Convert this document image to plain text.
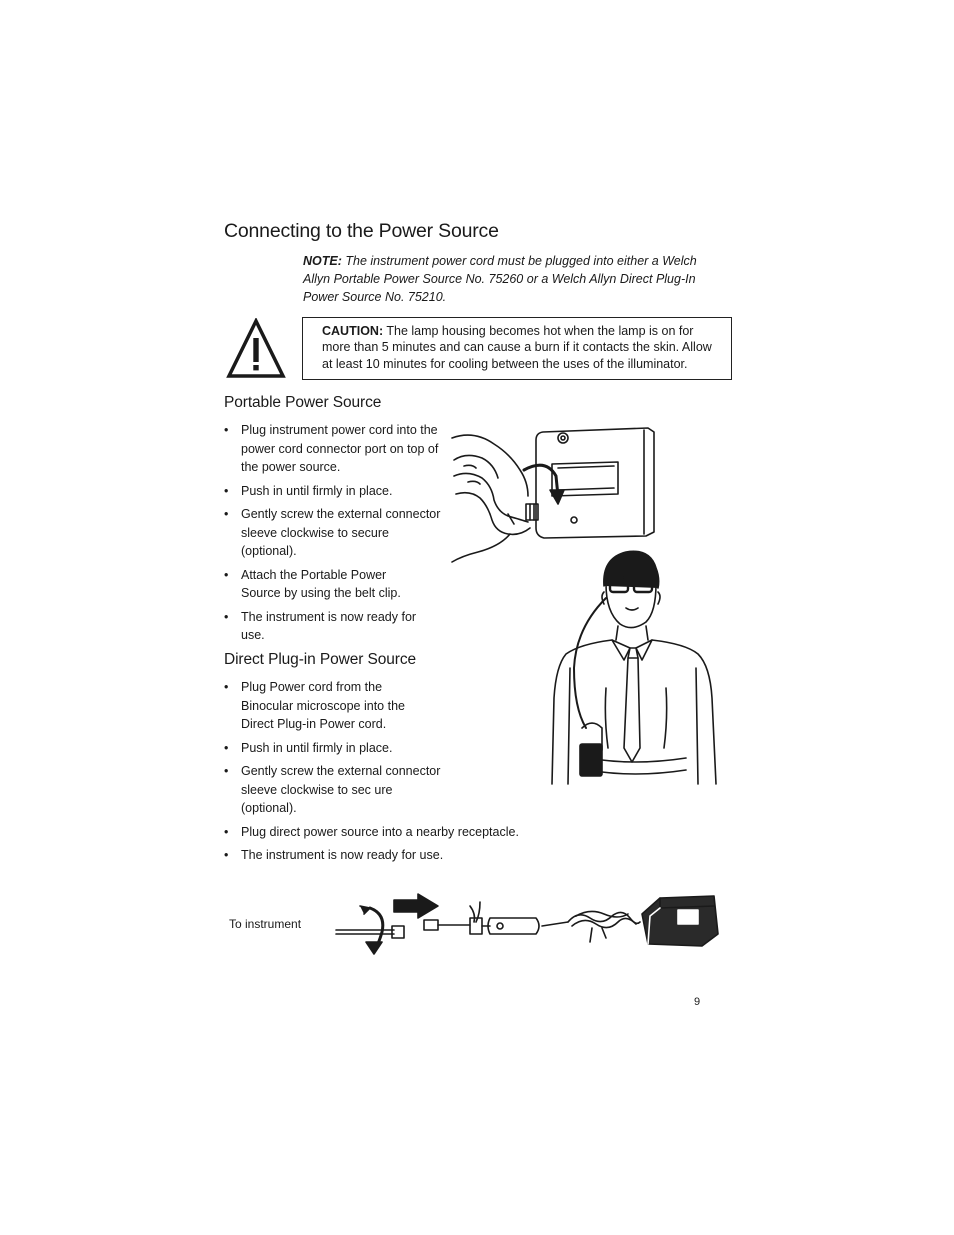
Connecting to the Power Source
NOTE: The instrument power cord must be plugged into either a Welch Allyn Portable Power Source No. 75260 or a Welch Allyn Direct Plug-In Power Source No. 75210.
CAUTION: The lamp housing becomes hot when the lamp is on for more than 5 minutes and can cause a burn if it contacts the skin. Allow at least 10 minutes for cooling between the uses of the illuminator.
Portable Power Source
• Plug instrument power cord into the power cord connector port on top of the power source.
• Push in until firmly in place.
• Gently screw the external connector sleeve clockwise to secure (optional).
• Attach the Portable Power Source by using the belt clip.
• The instrument is now ready for use.
Direct Plug-in Power Source
• Plug Power cord from the Binocular microscope into the Direct Plug-in Power cord.
• Push in until firmly in place.
• Gently screw the external connector sleeve clockwise to sec ure (optional).
• Plug direct power source into a nearby receptacle.
• The instrument is now ready for use.
To instrument
9
